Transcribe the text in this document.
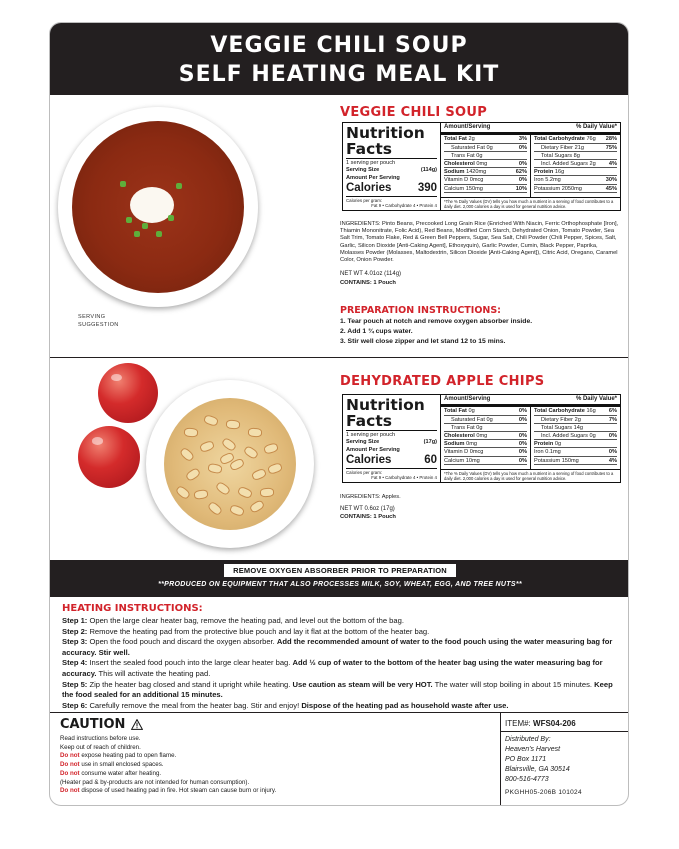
VEGGIE CHILI SOUP
SELF HEATING MEAL KIT
SERVING
SUGGESTION
VEGGIE CHILI SOUP
Nutrition
Facts
1 serving per pouch
Serving Size	(114g)
Amount Per Serving
Calories 390
Calories per gram:
Fat 9 • Carbohydrate 4 • Protein 4
Amount/Serving	% Daily Value*
Total Fat 2g	3%
Saturated Fat 0g	0%
Trans Fat 0g
Cholesterol 0mg	0%
Sodium 1420mg	62%
Vitamin D 0mcg	0%
Calcium 150mg	10%
Total Carbohydrate 76g 28%
Dietary Fiber 21g	75%
Total Sugars 8g
Incl. Added Sugars 2g 4%
Protein 16g
Iron 5.2mg	30%
Potassium 2050mg	45%
*The % Daily Values (DV) tells you how much a nutrient in a serving of food contributes to a daily diet. 2,000 calories a day is used for general nutrition advice.
INGREDIENTS: Pinto Beans, Precooked Long Grain Rice (Enriched With Niacin, Ferric Orthophosphate [Iron], Thiamin Mononitrate, Folic Acid), Red Beans, Modified Corn Starch, Dehydrated Onion, Tomato Powder, Sea Salt Trim, Tomato Flake, Red & Green Bell Peppers, Sugar, Sea Salt, Chili Powder (Chili Pepper, Spices, Salt, Garlic, Silicon Dioxide [Anti-Caking Agent], Ethoxyquin), Garlic Powder, Cumin, Black Pepper, Paprika, Molasses Powder (Molasses, Maltodextrin, Silicon Dioxide [Anti-Caking Agent]), Citric Acid, Oregano, Caramel Color, Onion Powder.
NET WT 4.01oz (114g)
CONTAINS: 1 Pouch
PREPARATION INSTRUCTIONS:
1. Tear pouch at notch and remove oxygen absorber inside.
2. Add 1 ¾ cups water.
3. Stir well close zipper and let stand 12 to 15 mins.
DEHYDRATED APPLE CHIPS
Nutrition
Facts
1 serving per pouch
Serving Size	(17g)
Amount Per Serving
Calories	60
Calories per gram:
Fat 9 • Carbohydrate 4 • Protein 4
Amount/Serving	% Daily Value*
Total Fat 0g	0%
Saturated Fat 0g	0%
Trans Fat 0g
Cholesterol 0mg	0%
Sodium 0mg	0%
Vitamin D 0mcg	0%
Calcium 10mg	0%
Total Carbohydrate 16g 6%
Dietary Fiber 2g	7%
Total Sugars 14g
Incl. Added Sugars 0g 0%
Protein 0g
Iron 0.1mg	0%
Potassium 150mg	4%
*The % Daily Values (DV) tells you how much a nutrient in a serving of food contributes to a daily diet. 2,000 calories a day is used for general nutrition advice.
INGREDIENTS: Apples.
NET WT 0.6oz (17g)
CONTAINS: 1 Pouch
REMOVE OXYGEN ABSORBER PRIOR TO PREPARATION
**PRODUCED ON EQUIPMENT THAT ALSO PROCESSES MILK, SOY, WHEAT, EGG, AND TREE NUTS**
HEATING INSTRUCTIONS:
Step 1: Open the large clear heater bag, remove the heating pad, and level out the bottom of the bag.
Step 2: Remove the heating pad from the protective blue pouch and lay it flat at the bottom of the heater bag.
Step 3: Open the food pouch and discard the oxygen absorber. Add the recommended amount of water to the food pouch using the water measuring bag for accuracy. Stir well.
Step 4: Insert the sealed food pouch into the large clear heater bag. Add ½ cup of water to the bottom of the heater bag using the water measuring bag for accuracy. This will activate the heating pad.
Step 5: Zip the heater bag closed and stand it upright while heating. Use caution as steam will be very HOT. The water will stop boiling in about 15 minutes. Keep the food sealed for an additional 15 minutes.
Step 6: Carefully remove the meal from the heater bag. Stir and enjoy! Dispose of the heating pad as household waste after use.
CAUTION
Read instructions before use.
Keep out of reach of children.
Do not expose heating pad to open flame.
Do not use in small enclosed spaces.
Do not consume water after heating.
(Heater pad & by-products are not intended for human consumption).
Do not dispose of used heating pad in fire. Hot steam can cause burn or injury.
ITEM#: WFS04-206
Distributed By:
Heaven's Harvest
PO Box 1171
Blairsville, GA 30514
800-516-4773
PKGHH05-206B 101024
